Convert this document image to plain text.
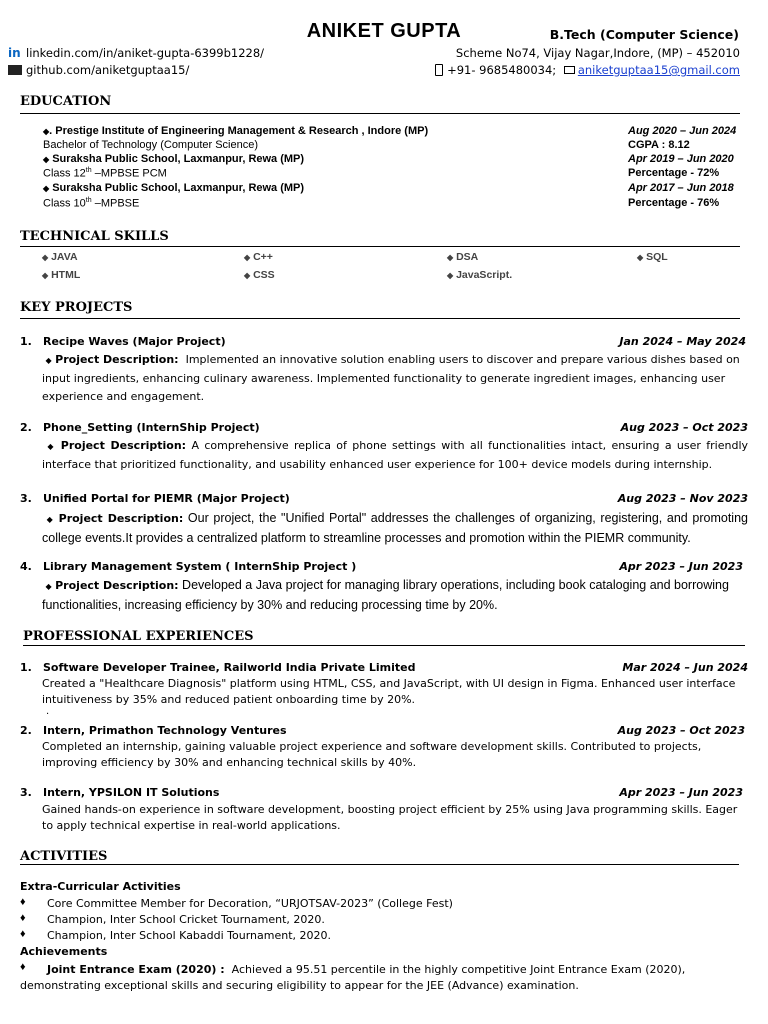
ANIKET GUPTA	B.Tech (Computer Science)
in linkedin.com/in/aniket-gupta-6399b1228/
github.com/aniketguptaa15/
Scheme No74, Vijay Nagar,Indore, (MP) – 452010
+91- 9685480034; aniketguptaa15@gmail.com
EDUCATION
◆. Prestige Institute of Engineering Management & Research , Indore (MP)	Aug 2020 – Jun 2024
Bachelor of Technology (Computer Science)	CGPA : 8.12
◆ Suraksha Public School, Laxmanpur, Rewa (MP)	Apr 2019 – Jun 2020
Class 12th –MPBSE PCM	Percentage - 72%
◆ Suraksha Public School, Laxmanpur, Rewa (MP)	Apr 2017 – Jun 2018
Class 10th –MPBSE	Percentage - 76%
TECHNICAL SKILLS
◆ JAVA	◆ C++	◆ DSA	◆ SQL
◆ HTML	◆ CSS	◆ JavaScript.
KEY PROJECTS
1. Recipe Waves (Major Project)	Jan 2024 – May 2024
◆ Project Description: Implemented an innovative solution enabling users to discover and prepare various dishes based on input ingredients, enhancing culinary awareness. Implemented functionality to generate ingredient images, enhancing user experience and engagement.
2. Phone_Setting (InternShip Project)	Aug 2023 – Oct 2023
◆ Project Description: A comprehensive replica of phone settings with all functionalities intact, ensuring a user friendly interface that prioritized functionality, and usability enhanced user experience for 100+ device models during internship.
3. Unified Portal for PIEMR (Major Project)	Aug 2023 – Nov 2023
◆ Project Description: Our project, the "Unified Portal" addresses the challenges of organizing, registering, and promoting college events.It provides a centralized platform to streamline processes and promotion within the PIEMR community.
4. Library Management System ( InternShip Project )	Apr 2023 – Jun 2023
◆ Project Description: Developed a Java project for managing library operations, including book cataloging and borrowing functionalities, increasing efficiency by 30% and reducing processing time by 20%.
PROFESSIONAL EXPERIENCES
1. Software Developer Trainee, Railworld India Private Limited	Mar 2024 – Jun 2024
Created a "Healthcare Diagnosis" platform using HTML, CSS, and JavaScript, with UI design in Figma. Enhanced user interface intuitiveness by 35% and reduced patient onboarding time by 20%.
.
2. Intern, Primathon Technology Ventures	Aug 2023 – Oct 2023
Completed an internship, gaining valuable project experience and software development skills. Contributed to projects, improving efficiency by 30% and enhancing technical skills by 40%.
3. Intern, YPSILON IT Solutions	Apr 2023 – Jun 2023
Gained hands-on experience in software development, boosting project efficient by 25% using Java programming skills. Eager to apply technical expertise in real-world applications.
ACTIVITIES
Extra-Curricular Activities
♦ Core Committee Member for Decoration, “URJOTSAV-2023” (College Fest)
♦ Champion, Inter School Cricket Tournament, 2020.
♦ Champion, Inter School Kabaddi Tournament, 2020.
Achievements
♦	Joint Entrance Exam (2020) : Achieved a 95.51 percentile in the highly competitive Joint Entrance Exam (2020), demonstrating exceptional skills and securing eligibility to appear for the JEE (Advance) examination.
